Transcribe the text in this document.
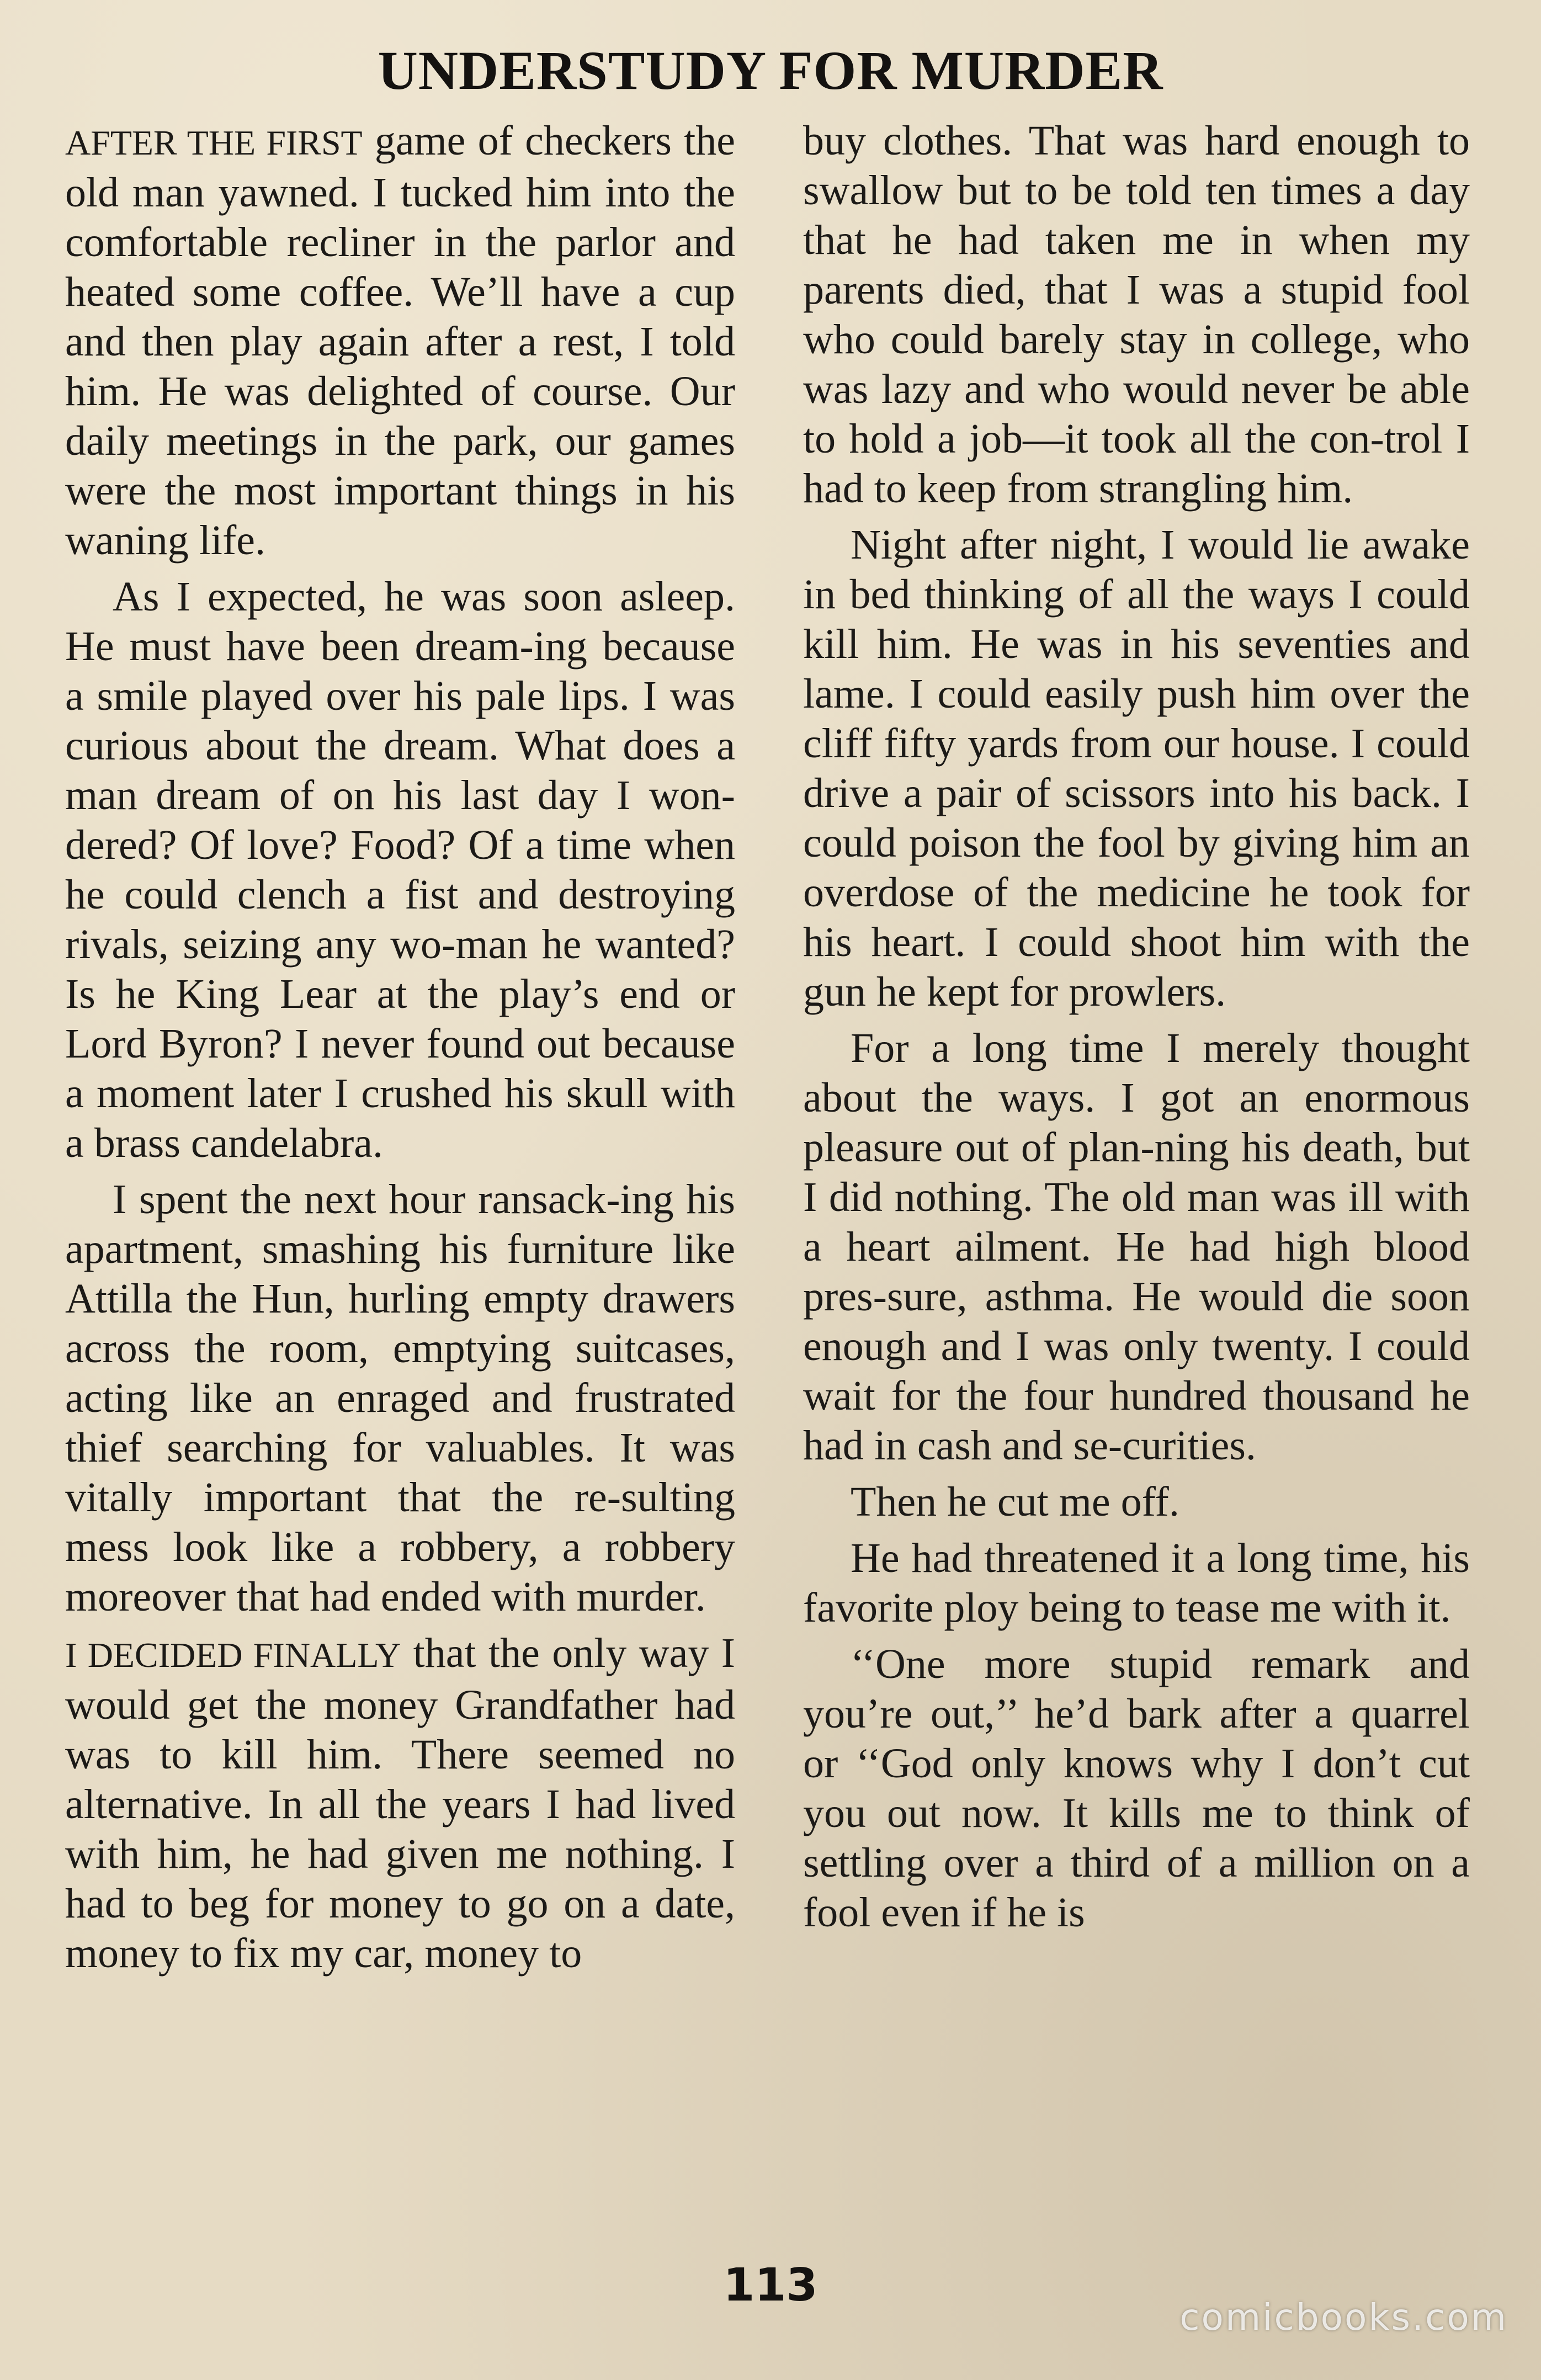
UNDERSTUDY FOR MURDER

AFTER THE FIRST game of checkers the old man yawned. I tucked him into the comfortable recliner in the parlor and heated some coffee. We’ll have a cup and then play again after a rest, I told him. He was delighted of course. Our daily meetings in the park, our games were the most important things in his waning life.

As I expected, he was soon asleep. He must have been dream-ing because a smile played over his pale lips. I was curious about the dream. What does a man dream of on his last day I won-dered? Of love? Food? Of a time when he could clench a fist and destroying rivals, seizing any wo-man he wanted? Is he King Lear at the play’s end or Lord Byron? I never found out because a moment later I crushed his skull with a brass candelabra.

I spent the next hour ransack-ing his apartment, smashing his furniture like Attilla the Hun, hurling empty drawers across the room, emptying suitcases, acting like an enraged and frustrated thief searching for valuables. It was vitally important that the re-sulting mess look like a robbery, a robbery moreover that had ended with murder.

I DECIDED FINALLY that the only way I would get the money Grandfather had was to kill him. There seemed no alternative. In all the years I had lived with him, he had given me nothing. I had to beg for money to go on a date, money to fix my car, money to

buy clothes. That was hard enough to swallow but to be told ten times a day that he had taken me in when my parents died, that I was a stupid fool who could barely stay in college, who was lazy and who would never be able to hold a job—it took all the con-trol I had to keep from strangling him.

Night after night, I would lie awake in bed thinking of all the ways I could kill him. He was in his seventies and lame. I could easily push him over the cliff fifty yards from our house. I could drive a pair of scissors into his back. I could poison the fool by giving him an overdose of the medicine he took for his heart. I could shoot him with the gun he kept for prowlers.

For a long time I merely thought about the ways. I got an enormous pleasure out of plan-ning his death, but I did nothing. The old man was ill with a heart ailment. He had high blood pres-sure, asthma. He would die soon enough and I was only twenty. I could wait for the four hundred thousand he had in cash and se-curities.

Then he cut me off.

He had threatened it a long time, his favorite ploy being to tease me with it.

‘‘One more stupid remark and you’re out,’’ he’d bark after a quarrel or ‘‘God only knows why I don’t cut you out now. It kills me to think of settling over a third of a million on a fool even if he is

113
comicbooks.com
